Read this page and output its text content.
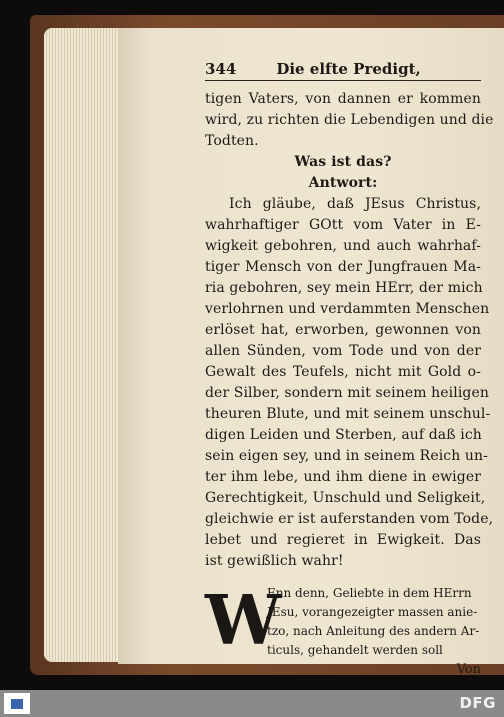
344	Die elfte Predigt,
tigen Vaters, von dannen er kommen
wird, zu richten die Lebendigen und die
Todten.
Was ist das?
Antwort:
Ich gläube, daß JEsus Christus,
wahrhaftiger GOtt vom Vater in E-
wigkeit gebohren, und auch wahrhaf-
tiger Mensch von der Jungfrauen Ma-
ria gebohren, sey mein HErr, der mich
verlohrnen und verdammten Menschen
erlöset hat, erworben, gewonnen von
allen Sünden, vom Tode und von der
Gewalt des Teufels, nicht mit Gold o-
der Silber, sondern mit seinem heiligen
theuren Blute, und mit seinem unschul-
digen Leiden und Sterben, auf daß ich
sein eigen sey, und in seinem Reich un-
ter ihm lebe, und ihm diene in ewiger
Gerechtigkeit, Unschuld und Seligkeit,
gleichwie er ist auferstanden vom Tode,
lebet und regieret in Ewigkeit. Das
ist gewißlich wahr!
W
Enn denn, Geliebte in dem HErrn
JEsu, vorangezeigter massen anie-
tzo, nach Anleitung des andern Ar-
ticuls, gehandelt werden soll
Von
DFG
